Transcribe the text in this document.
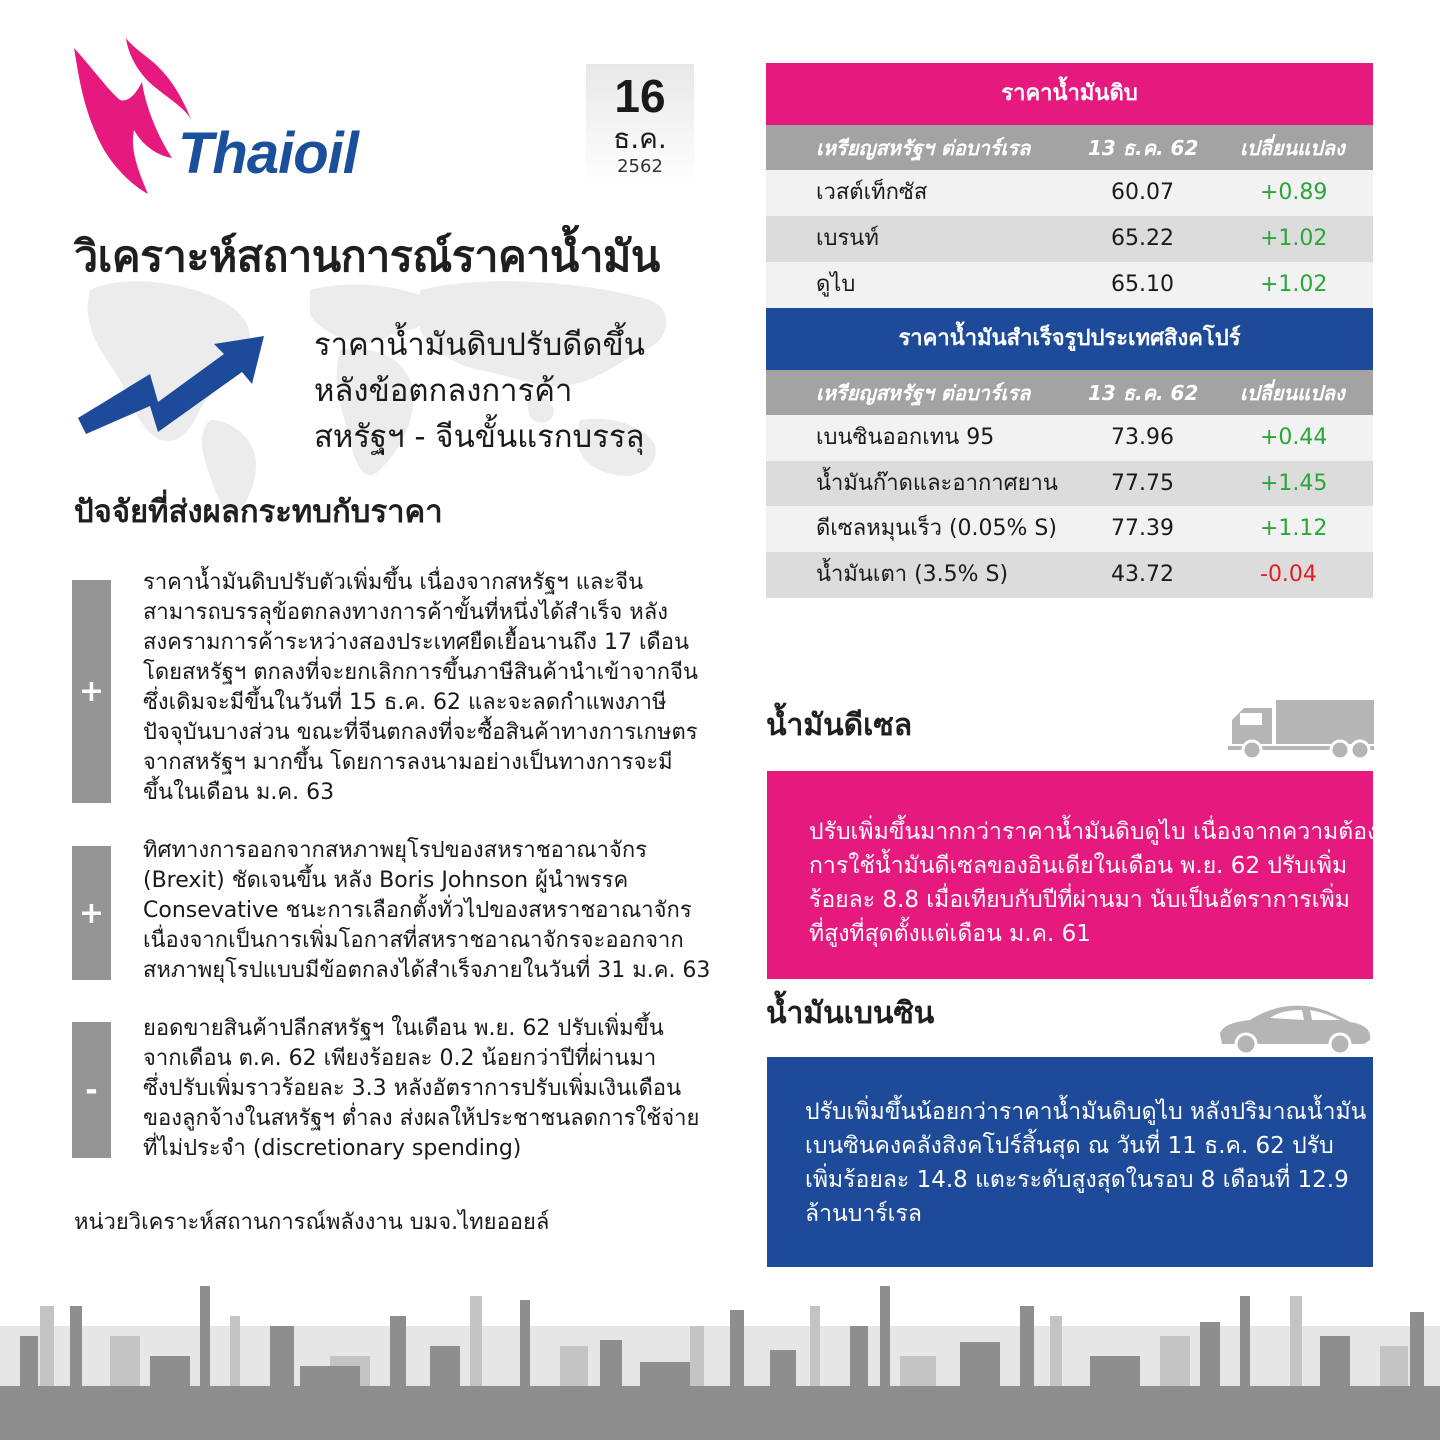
Thaioil
16
ธ.ค.
2562
วิเคราะห์สถานการณ์ราคาน้ำมัน
ราคาน้ำมันดิบปรับดีดขึ้น
หลังข้อตกลงการค้า
สหรัฐฯ - จีนขั้นแรกบรรลุ
ปัจจัยที่ส่งผลกระทบกับราคา
+
ราคาน้ำมันดิบปรับตัวเพิ่มขึ้น เนื่องจากสหรัฐฯ และจีน
สามารถบรรลุข้อตกลงทางการค้าขั้นที่หนึ่งได้สำเร็จ หลัง
สงครามการค้าระหว่างสองประเทศยืดเยื้อนานถึง 17 เดือน
โดยสหรัฐฯ ตกลงที่จะยกเลิกการขึ้นภาษีสินค้านำเข้าจากจีน
ซึ่งเดิมจะมีขึ้นในวันที่ 15 ธ.ค. 62 และจะลดกำแพงภาษี
ปัจจุบันบางส่วน ขณะที่จีนตกลงที่จะซื้อสินค้าทางการเกษตร
จากสหรัฐฯ มากขึ้น โดยการลงนามอย่างเป็นทางการจะมี
ขึ้นในเดือน ม.ค. 63
+
ทิศทางการออกจากสหภาพยุโรปของสหราชอาณาจักร
(Brexit) ชัดเจนขึ้น หลัง Boris Johnson ผู้นำพรรค
Consevative ชนะการเลือกตั้งทั่วไปของสหราชอาณาจักร
เนื่องจากเป็นการเพิ่มโอกาสที่สหราชอาณาจักรจะออกจาก
สหภาพยุโรปแบบมีข้อตกลงได้สำเร็จภายในวันที่ 31 ม.ค. 63
-
ยอดขายสินค้าปลีกสหรัฐฯ ในเดือน พ.ย. 62 ปรับเพิ่มขึ้น
จากเดือน ต.ค. 62 เพียงร้อยละ 0.2 น้อยกว่าปีที่ผ่านมา
ซึ่งปรับเพิ่มราวร้อยละ 3.3 หลังอัตราการปรับเพิ่มเงินเดือน
ของลูกจ้างในสหรัฐฯ ต่ำลง ส่งผลให้ประชาชนลดการใช้จ่าย
ที่ไม่ประจำ (discretionary spending)
หน่วยวิเคราะห์สถานการณ์พลังงาน บมจ.ไทยออยล์
ราคาน้ำมันดิบ
เหรียญสหรัฐฯ ต่อบาร์เรล	13 ธ.ค. 62 เปลี่ยนแปลง
เวสต์เท็กซัส	60.07	+0.89
เบรนท์	65.22	+1.02
ดูไบ	65.10	+1.02
ราคาน้ำมันสำเร็จรูปประเทศสิงคโปร์
เหรียญสหรัฐฯ ต่อบาร์เรล	13 ธ.ค. 62 เปลี่ยนแปลง
เบนซินออกเทน 95	73.96	+0.44
น้ำมันก๊าดและอากาศยาน 77.75	+1.45
ดีเซลหมุนเร็ว (0.05% S) 77.39	+1.12
น้ำมันเตา (3.5% S)	43.72	-0.04
น้ำมันดีเซล
ปรับเพิ่มขึ้นมากกว่าราคาน้ำมันดิบดูไบ เนื่องจากความต้อง
การใช้น้ำมันดีเซลของอินเดียในเดือน พ.ย. 62 ปรับเพิ่ม
ร้อยละ 8.8 เมื่อเทียบกับปีที่ผ่านมา นับเป็นอัตราการเพิ่ม
ที่สูงที่สุดตั้งแต่เดือน ม.ค. 61
น้ำมันเบนซิน
ปรับเพิ่มขึ้นน้อยกว่าราคาน้ำมันดิบดูไบ หลังปริมาณน้ำมัน
เบนซินคงคลังสิงคโปร์สิ้นสุด ณ วันที่ 11 ธ.ค. 62 ปรับ
เพิ่มร้อยละ 14.8 แตะระดับสูงสุดในรอบ 8 เดือนที่ 12.9
ล้านบาร์เรล
